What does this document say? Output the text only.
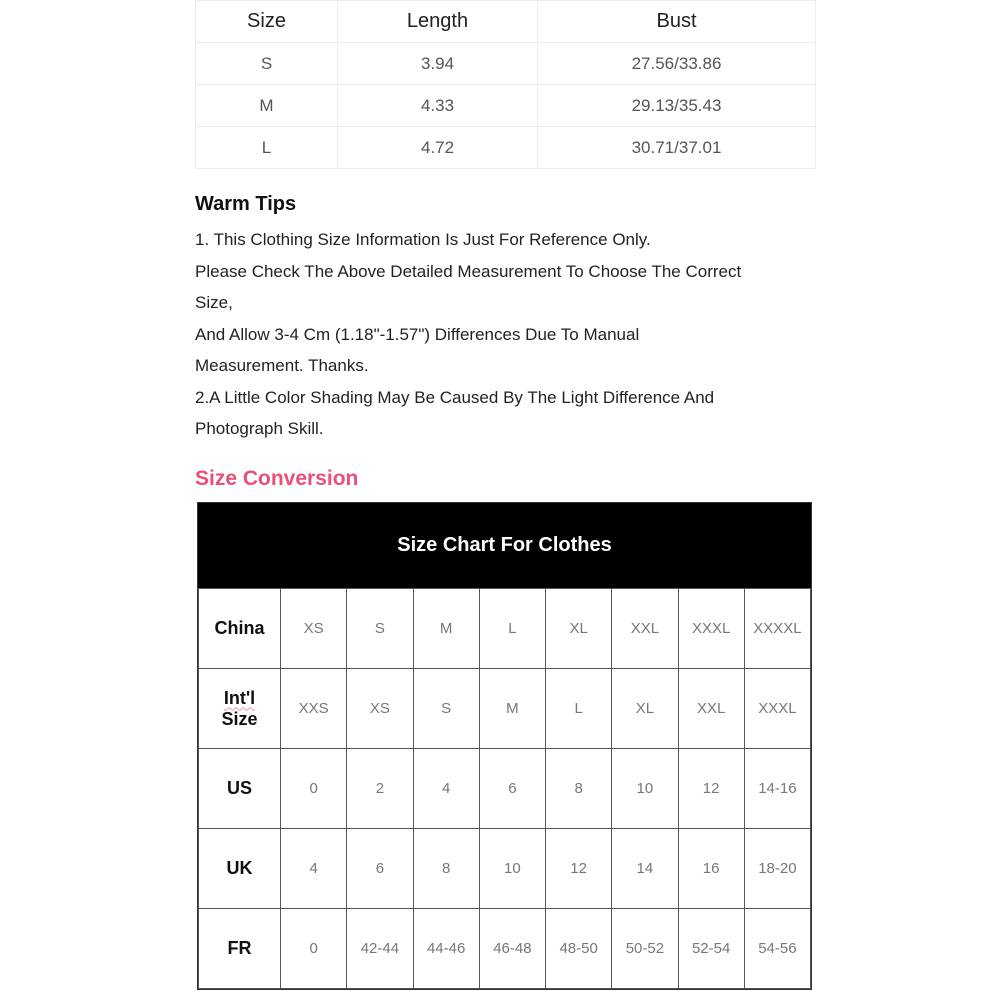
Size	Length	Bust
S	3.94	27.56/33.86
M	4.33	29.13/35.43
L	4.72	30.71/37.01

Warm Tips

1. This Clothing Size Information Is Just For Reference Only.

Please Check The Above Detailed Measurement To Choose The Correct

Size,

And Allow 3-4 Cm (1.18"-1.57") Differences Due To Manual

Measurement. Thanks.

2.A Little Color Shading May Be Caused By The Light Difference And

Photograph Skill.

Size Conversion

Size Chart For Clothes
China	XS	S	M	L	XL	XXL	XXXL	XXXXL
Int'l
Size	XXS	XS	S	M	L	XL	XXL	XXXL
US	0	2	4	6	8	10	12	14-16
UK	4	6	8	10	12	14	16	18-20
FR	0	42-44	44-46	46-48	48-50	50-52	52-54	54-56
